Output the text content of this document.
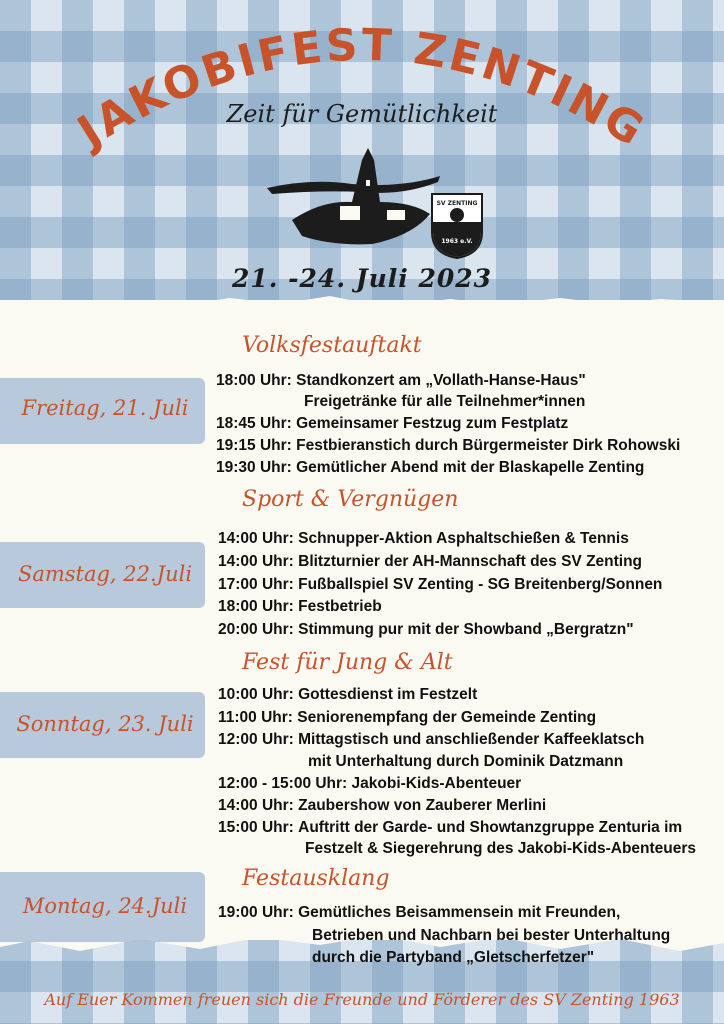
JAKOBIFEST ZENTING
Zeit für Gemütlichkeit
SV ZENTING
1963 e.V.
21. -24. Juli 2023
Volksfestauftakt
Freitag, 21. Juli
18:00 Uhr: Standkonzert am „Vollath-Hanse-Haus"
Freigetränke für alle Teilnehmer*innen
18:45 Uhr: Gemeinsamer Festzug zum Festplatz
19:15 Uhr: Festbieranstich durch Bürgermeister Dirk Rohowski
19:30 Uhr: Gemütlicher Abend mit der Blaskapelle Zenting
Sport & Vergnügen
Samstag, 22.Juli
14:00 Uhr: Schnupper-Aktion Asphaltschießen & Tennis
14:00 Uhr: Blitzturnier der AH-Mannschaft des SV Zenting
17:00 Uhr: Fußballspiel SV Zenting - SG Breitenberg/Sonnen
18:00 Uhr: Festbetrieb
20:00 Uhr: Stimmung pur mit der Showband „Bergratzn"
Fest für Jung & Alt
Sonntag, 23. Juli
10:00 Uhr: Gottesdienst im Festzelt
11:00 Uhr: Seniorenempfang der Gemeinde Zenting
12:00 Uhr: Mittagstisch und anschließender Kaffeeklatsch
mit Unterhaltung durch Dominik Datzmann
12:00 - 15:00 Uhr: Jakobi-Kids-Abenteuer
14:00 Uhr: Zaubershow von Zauberer Merlini
15:00 Uhr: Auftritt der Garde- und Showtanzgruppe Zenturia im
Festzelt & Siegerehrung des Jakobi-Kids-Abenteuers
Festausklang
Montag, 24.Juli	19:00 Uhr: Gemütliches Beisammensein mit Freunden,
Betrieben und Nachbarn bei bester Unterhaltung
durch die Partyband „Gletscherfetzer"
Auf Euer Kommen freuen sich die Freunde und Förderer des SV Zenting 1963
